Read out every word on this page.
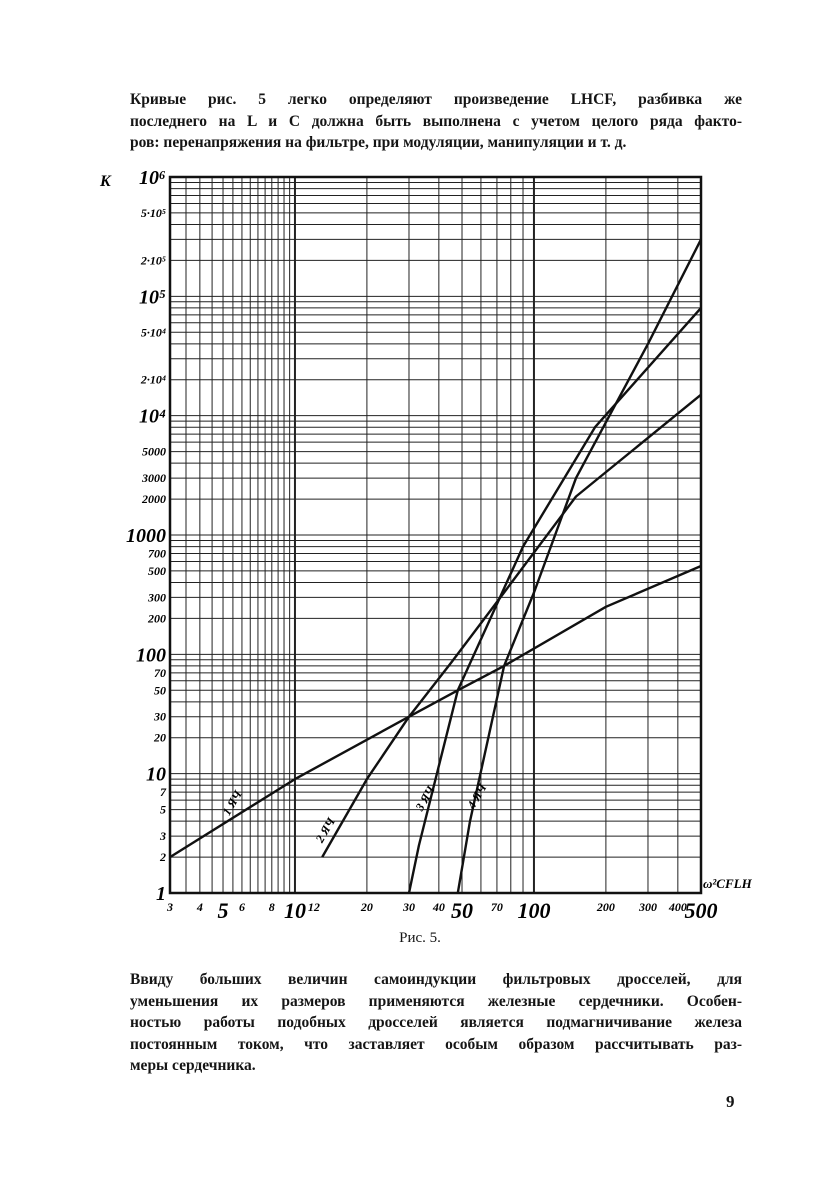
Кривые рис. 5 легко определяют произведение LHCF, разбивка же
последнего на L и C должна быть выполнена с учетом целого ряда факто-
ров: перенапряжения на фильтре, при модуляции, манипуляции и т. д.
3 4 5 6 8 10 12	20	30 40 50 70 100	200 300 400
500
1
2
3
5
7
10
20
30
50
70
100
200
300
500
700
1000
2000
3000
5000
10⁴
2·10⁴
5·10⁴
10⁵
2·10⁵
5·10⁵
10⁶
1 ЯЧ
2 ЯЧ
3 ЯЧ 4 ЯЧ
K
ω²CFLH
Рис. 5.
Ввиду больших величин самоиндукции фильтровых дросселей, для
уменьшения их размеров применяются железные сердечники. Особен-
ностью работы подобных дросселей является подмагничивание железа
постоянным током, что заставляет особым образом рассчитывать раз-
меры сердечника.
9
